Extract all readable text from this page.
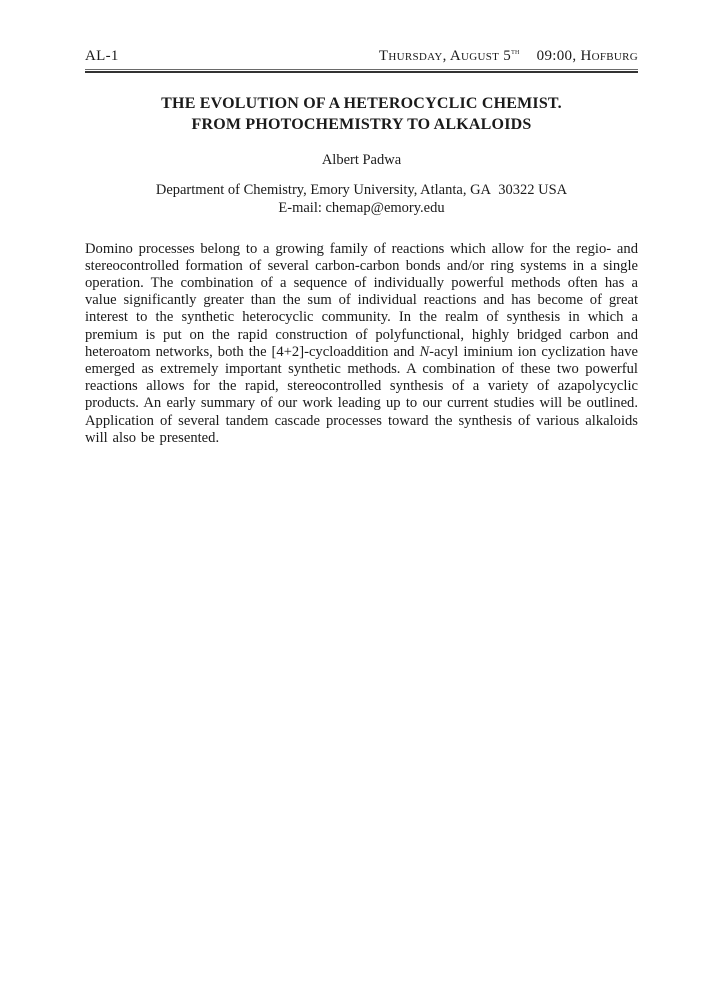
AL-1	Thursday, August 5th 09:00, Hofburg
THE EVOLUTION OF A HETEROCYCLIC CHEMIST.
FROM PHOTOCHEMISTRY TO ALKALOIDS
Albert Padwa
Department of Chemistry, Emory University, Atlanta, GA  30322 USA
E-mail: chemap@emory.edu

Domino processes belong to a growing family of reactions which allow for the regio- and stereocontrolled formation of several carbon-carbon bonds and/or ring systems in a single operation. The combination of a sequence of individually powerful methods often has a value significantly greater than the sum of individual reactions and has become of great interest to the synthetic heterocyclic community. In the realm of synthesis in which a premium is put on the rapid construction of polyfunctional, highly bridged carbon and heteroatom networks, both the [4+2]-cycloaddition and N-acyl iminium ion cyclization have emerged as extremely important synthetic methods. A combination of these two powerful reactions allows for the rapid, stereocontrolled synthesis of a variety of azapolycyclic products. An early summary of our work leading up to our current studies will be outlined. Application of several tandem cascade processes toward the synthesis of various alkaloids will also be presented.
